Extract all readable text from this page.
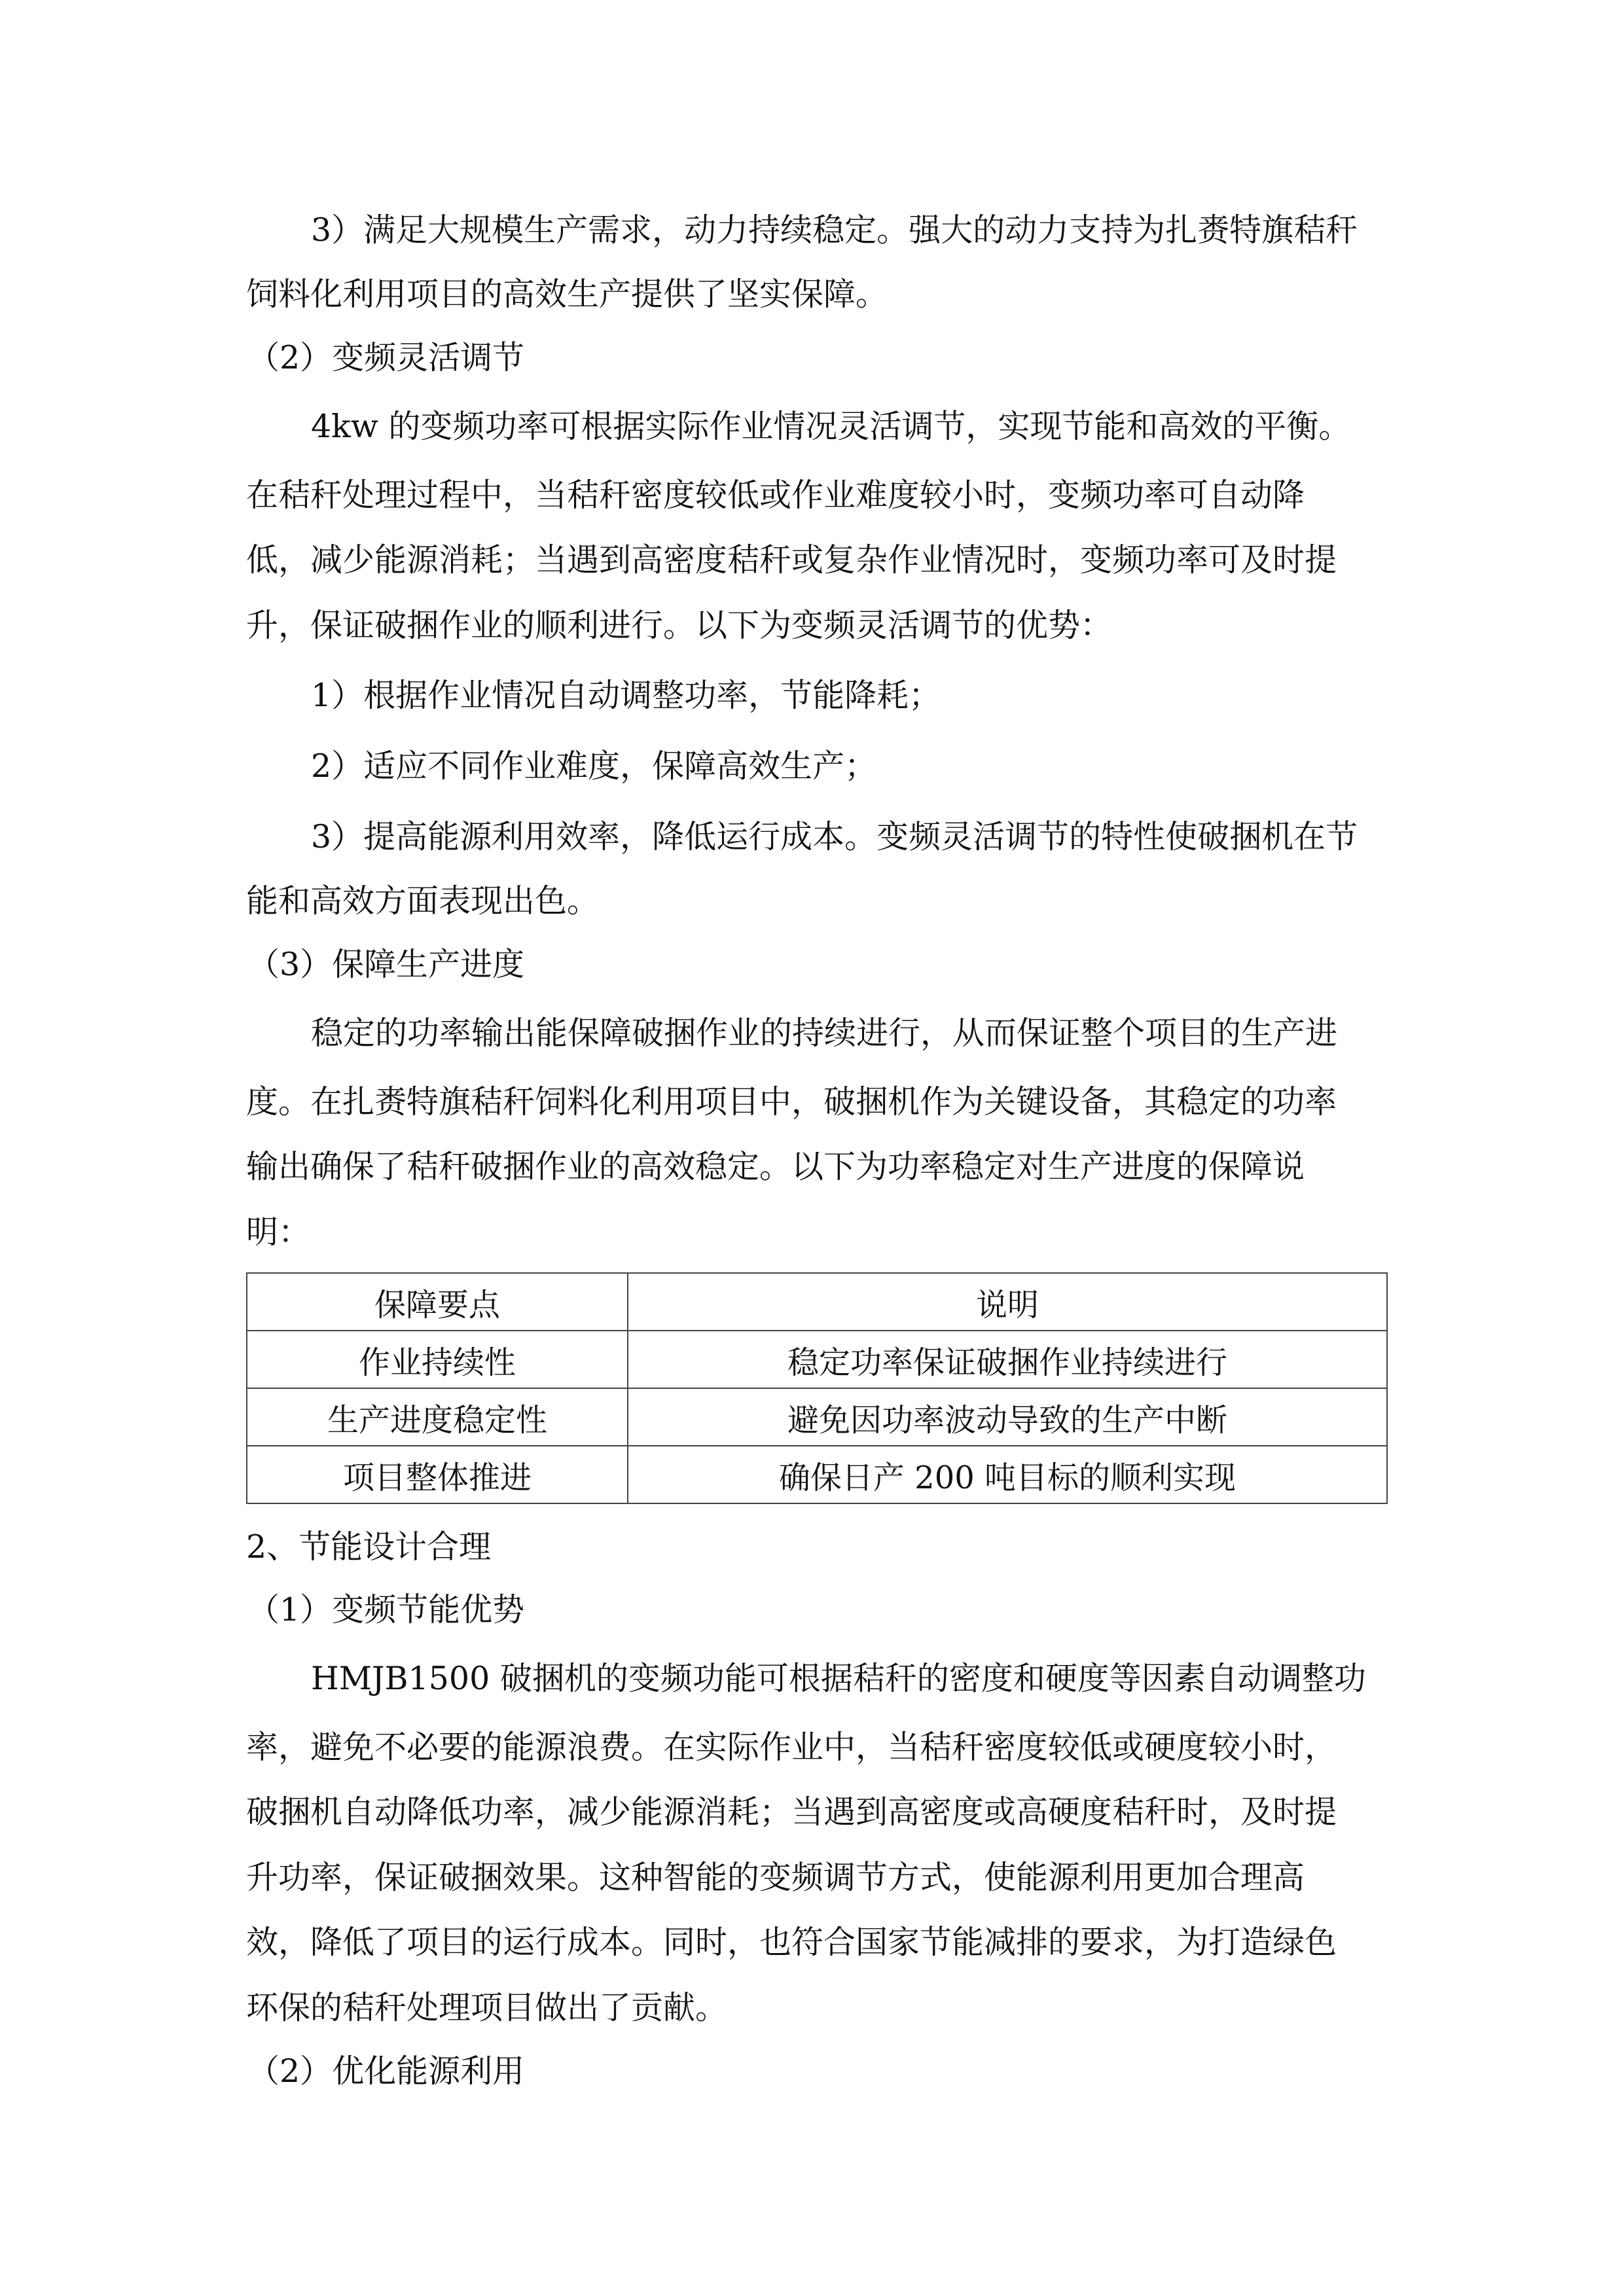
3）满足大规模生产需求，动力持续稳定。强大的动力支持为扎赉特旗秸秆
饲料化利用项目的高效生产提供了坚实保障。
（2）变频灵活调节
4kw 的变频功率可根据实际作业情况灵活调节，实现节能和高效的平衡。
在秸秆处理过程中，当秸秆密度较低或作业难度较小时，变频功率可自动降
低，减少能源消耗；当遇到高密度秸秆或复杂作业情况时，变频功率可及时提
升，保证破捆作业的顺利进行。以下为变频灵活调节的优势：
1）根据作业情况自动调整功率，节能降耗；
2）适应不同作业难度，保障高效生产；
3）提高能源利用效率，降低运行成本。变频灵活调节的特性使破捆机在节
能和高效方面表现出色。
（3）保障生产进度
稳定的功率输出能保障破捆作业的持续进行，从而保证整个项目的生产进
度。在扎赉特旗秸秆饲料化利用项目中，破捆机作为关键设备，其稳定的功率
输出确保了秸秆破捆作业的高效稳定。以下为功率稳定对生产进度的保障说
明：
保障要点	说明
作业持续性	稳定功率保证破捆作业持续进行
生产进度稳定性	避免因功率波动导致的生产中断
项目整体推进	确保日产 200 吨目标的顺利实现
2、节能设计合理
（1）变频节能优势
HMJB1500 破捆机的变频功能可根据秸秆的密度和硬度等因素自动调整功
率，避免不必要的能源浪费。在实际作业中，当秸秆密度较低或硬度较小时，
破捆机自动降低功率，减少能源消耗；当遇到高密度或高硬度秸秆时，及时提
升功率，保证破捆效果。这种智能的变频调节方式，使能源利用更加合理高
效，降低了项目的运行成本。同时，也符合国家节能减排的要求，为打造绿色
环保的秸秆处理项目做出了贡献。
（2）优化能源利用
